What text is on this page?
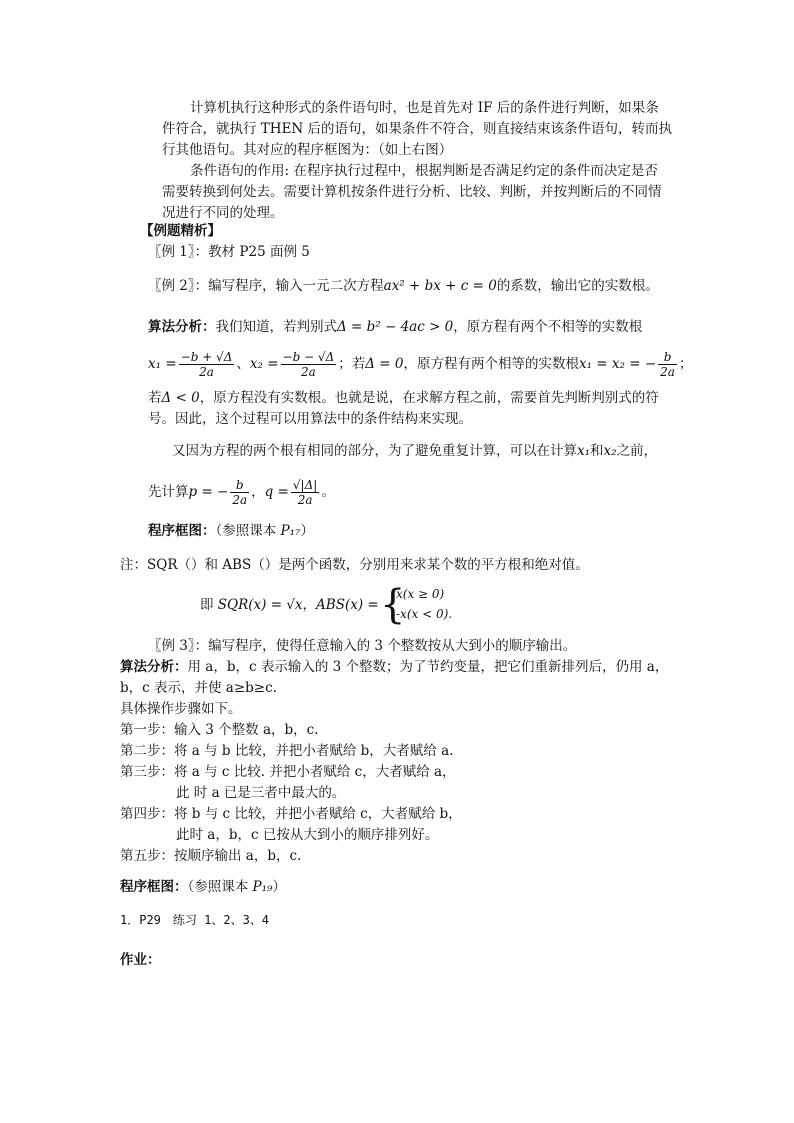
计算机执行这种形式的条件语句时，也是首先对 IF 后的条件进行判断，如果条
件符合，就执行 THEN 后的语句，如果条件不符合，则直接结束该条件语句，转而执
行其他语句。其对应的程序框图为：（如上右图）
条件语句的作用: 在程序执行过程中，根据判断是否满足约定的条件而决定是否
需要转换到何处去。需要计算机按条件进行分析、比较、判断，并按判断后的不同情
况进行不同的处理。
【例题精析】
〖例 1〗：教材 P25 面例 5
〖例 2〗：编写程序，输入一元二次方程ax² + bx + c = 0的系数，输出它的实数根。
算法分析：我们知道，若判别式Δ = b² − 4ac > 0，原方程有两个不相等的实数根
$x_1 = \frac{-b + √\Delta}{2a}$ 、$x_2 = \frac{-b - √\Delta}{2a}$ ；若Δ = 0，原方程有两个相等的实数根x₁ = x₂ = − $\frac{b}{2a}$ ；
若Δ < 0，原方程没有实数根。也就是说，在求解方程之前，需要首先判断判别式的符
号。因此，这个过程可以用算法中的条件结构来实现。
又因为方程的两个根有相同的部分，为了避免重复计算，可以在计算x₁和x₂之前，
先计算p = − $\frac{b}{2a}$ ，$q = \frac{√|\Delta|}{2a}$ 。
程序框图：（参照课本 P₁₇）
注：SQR（）和 ABS（）是两个函数，分别用来求某个数的平方根和绝对值。
即 SQR(x) = √x，ABS(x) = {
x(x ≥ 0)
-x(x < 0).
〖例 3〗：编写程序，使得任意输入的 3 个整数按从大到小的顺序输出。
算法分析：用 a，b，c 表示输入的 3 个整数；为了节约变量，把它们重新排列后，仍用 a，
b，c 表示，并使 a≥b≥c.
具体操作步骤如下。
第一步：输入 3 个整数 a，b，c.
第二步：将 a 与 b 比较，并把小者赋给 b，大者赋给 a.
第三步：将 a 与 c 比较. 并把小者赋给 c，大者赋给 a，
此 时 a 已是三者中最大的。
第四步：将 b 与 c 比较，并把小者赋给 c，大者赋给 b，
此时 a，b，c 已按从大到小的顺序排列好。
第五步：按顺序输出 a，b，c.
程序框图：（参照课本 P₁₉）
1．P29　练习 1、2、3、4
作业：
